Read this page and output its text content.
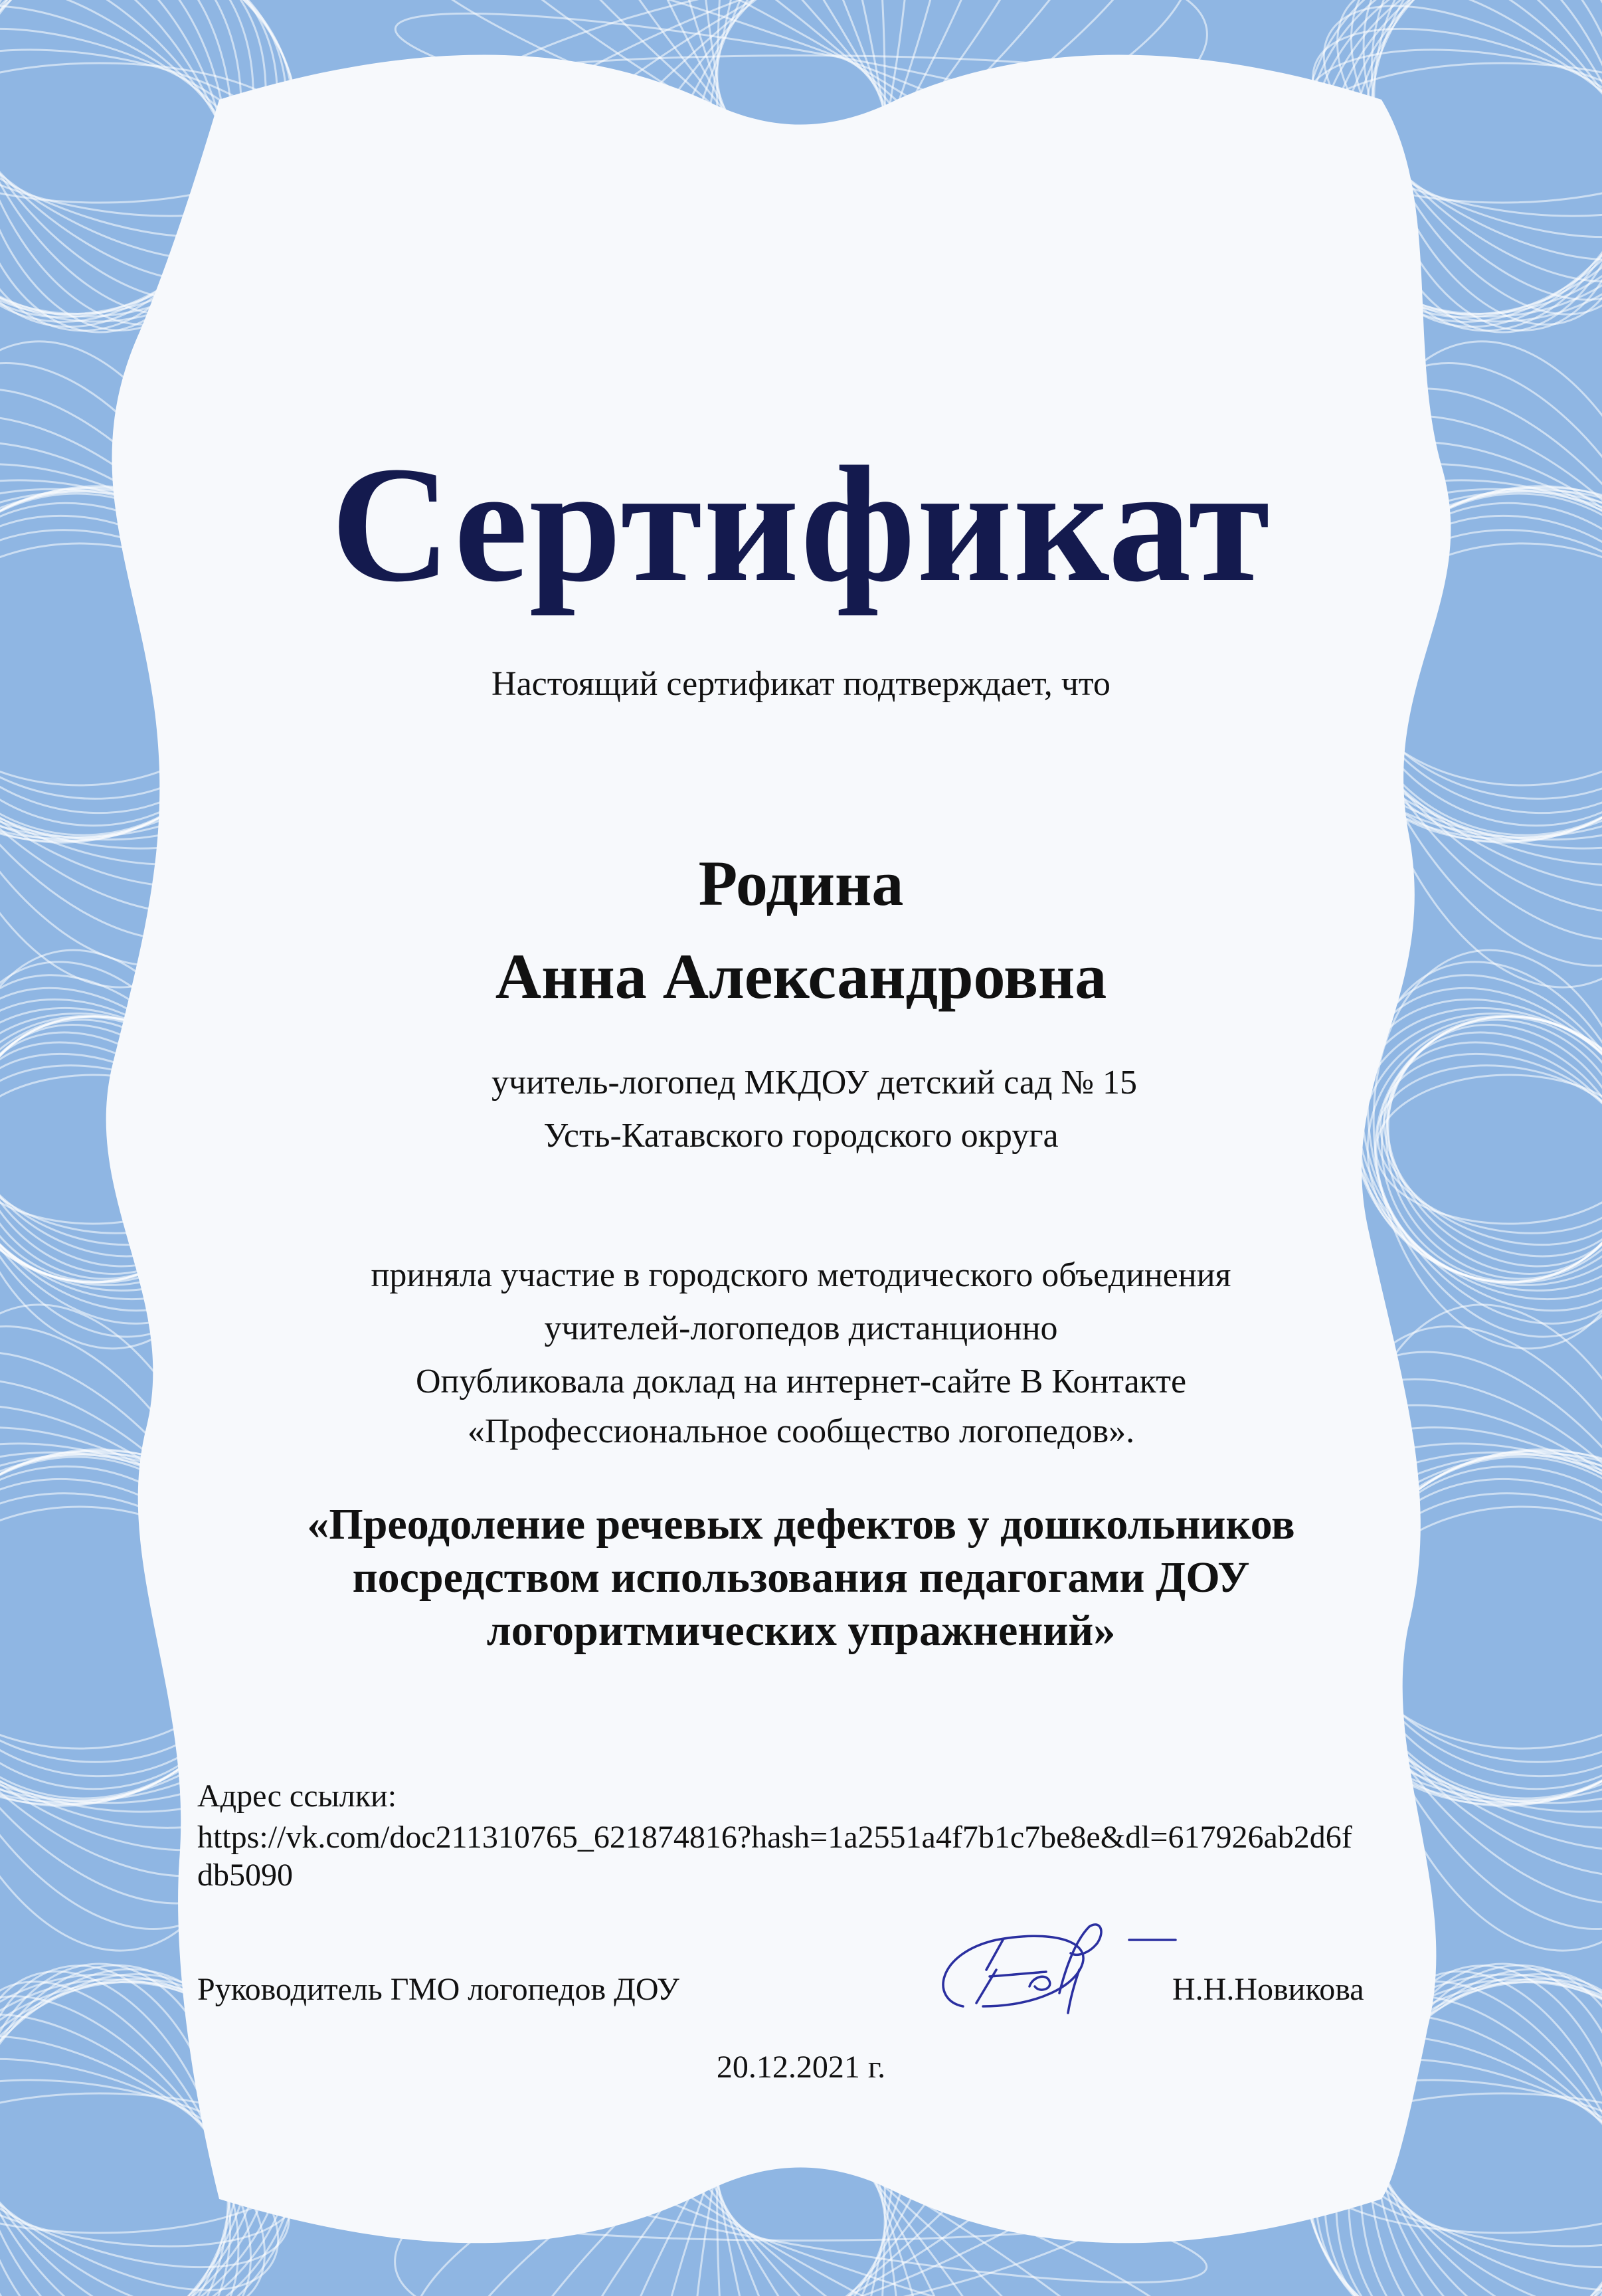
Сертификат
Настоящий сертификат подтверждает, что
Родина
Анна Александровна
учитель-логопед МКДОУ детский сад № 15
Усть-Катавского городского округа
приняла участие в городского методического объединения
учителей-логопедов дистанционно
Опубликовала доклад на интернет-сайте В Контакте
«Профессиональное сообщество логопедов».
«Преодоление речевых дефектов у дошкольников
посредством использования педагогами ДОУ
логоритмических упражнений»
Адрес ссылки:
https://vk.com/doc211310765_621874816?hash=1a2551a4f7b1c7be8e&dl=617926ab2d6f
db5090
Руководитель ГМО логопедов ДОУ	Н.Н.Новикова
20.12.2021 г.
